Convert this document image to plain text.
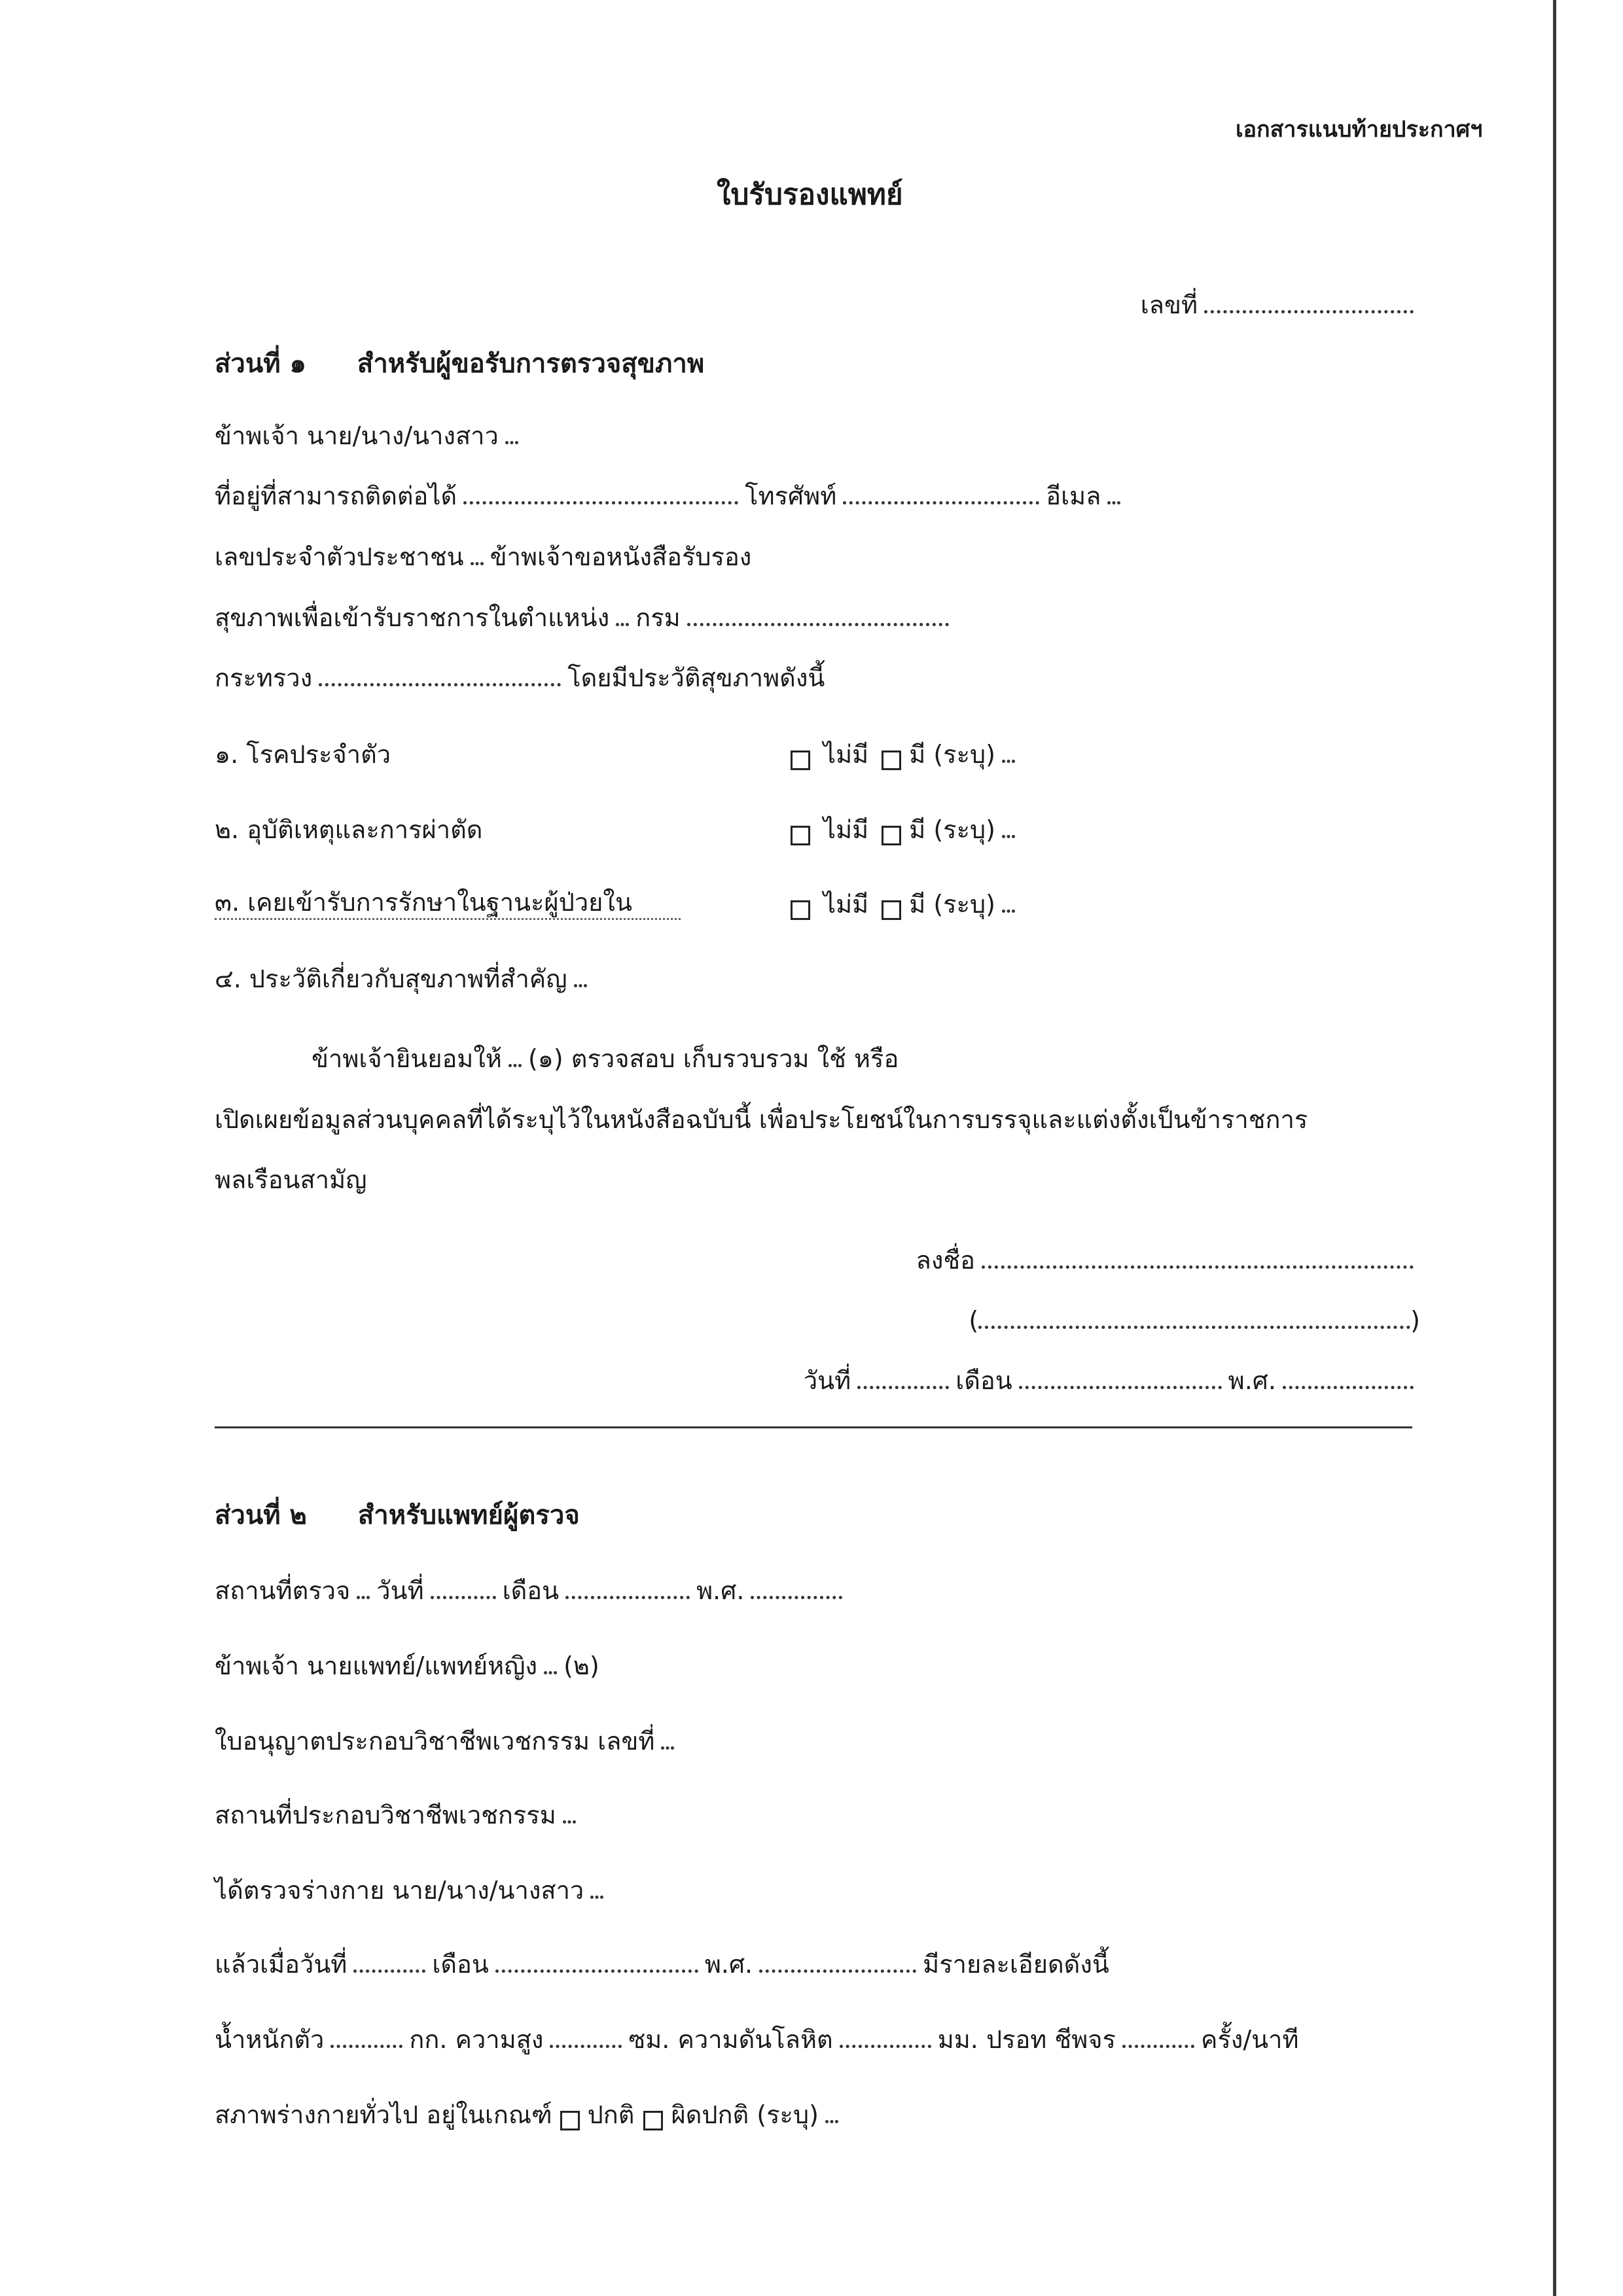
เอกสารแนบท้ายประกาศฯ
ใบรับรองแพทย์
เลขที่
ส่วนที่ ๑ สำหรับผู้ขอรับการตรวจสุขภาพ
ข้าพเจ้า นาย/นาง/นางสาว
ที่อยู่ที่สามารถติดต่อได้	โทรศัพท์	อีเมล
เลขประจำตัวประชาชน ข้าพเจ้าขอหนังสือรับรอง
สุขภาพเพื่อเข้ารับราชการในตำแหน่ง กรม
กระทรวง	โดยมีประวัติสุขภาพดังนี้
๑. โรคประจำตัว	ไม่มี มี (ระบุ)
๒. อุบัติเหตุและการผ่าตัด	ไม่มี มี (ระบุ)
๓. เคยเข้ารับการรักษาในฐานะผู้ป่วยใน	ไม่มี มี (ระบุ)
๔. ประวัติเกี่ยวกับสุขภาพที่สำคัญ
ข้าพเจ้ายินยอมให้ (๑) ตรวจสอบ เก็บรวบรวม ใช้ หรือ
เปิดเผยข้อมูลส่วนบุคคลที่ได้ระบุไว้ในหนังสือฉบับนี้ เพื่อประโยชน์ในการบรรจุและแต่งตั้งเป็นข้าราชการ
พลเรือนสามัญ
ลงชื่อ
(	)
วันที่	เดือน	พ.ศ.
ส่วนที่ ๒ สำหรับแพทย์ผู้ตรวจ
สถานที่ตรวจ วันที่	เดือน	พ.ศ.
ข้าพเจ้า นายแพทย์/แพทย์หญิง (๒)
ใบอนุญาตประกอบวิชาชีพเวชกรรม เลขที่
สถานที่ประกอบวิชาชีพเวชกรรม
ได้ตรวจร่างกาย นาย/นาง/นางสาว
แล้วเมื่อวันที่	เดือน	พ.ศ.	มีรายละเอียดดังนี้
น้ำหนักตัว	กก. ความสูง	ซม. ความดันโลหิต	มม. ปรอท ชีพจร	ครั้ง/นาที
สภาพร่างกายทั่วไป อยู่ในเกณฑ์ ปกติ ผิดปกติ (ระบุ)
